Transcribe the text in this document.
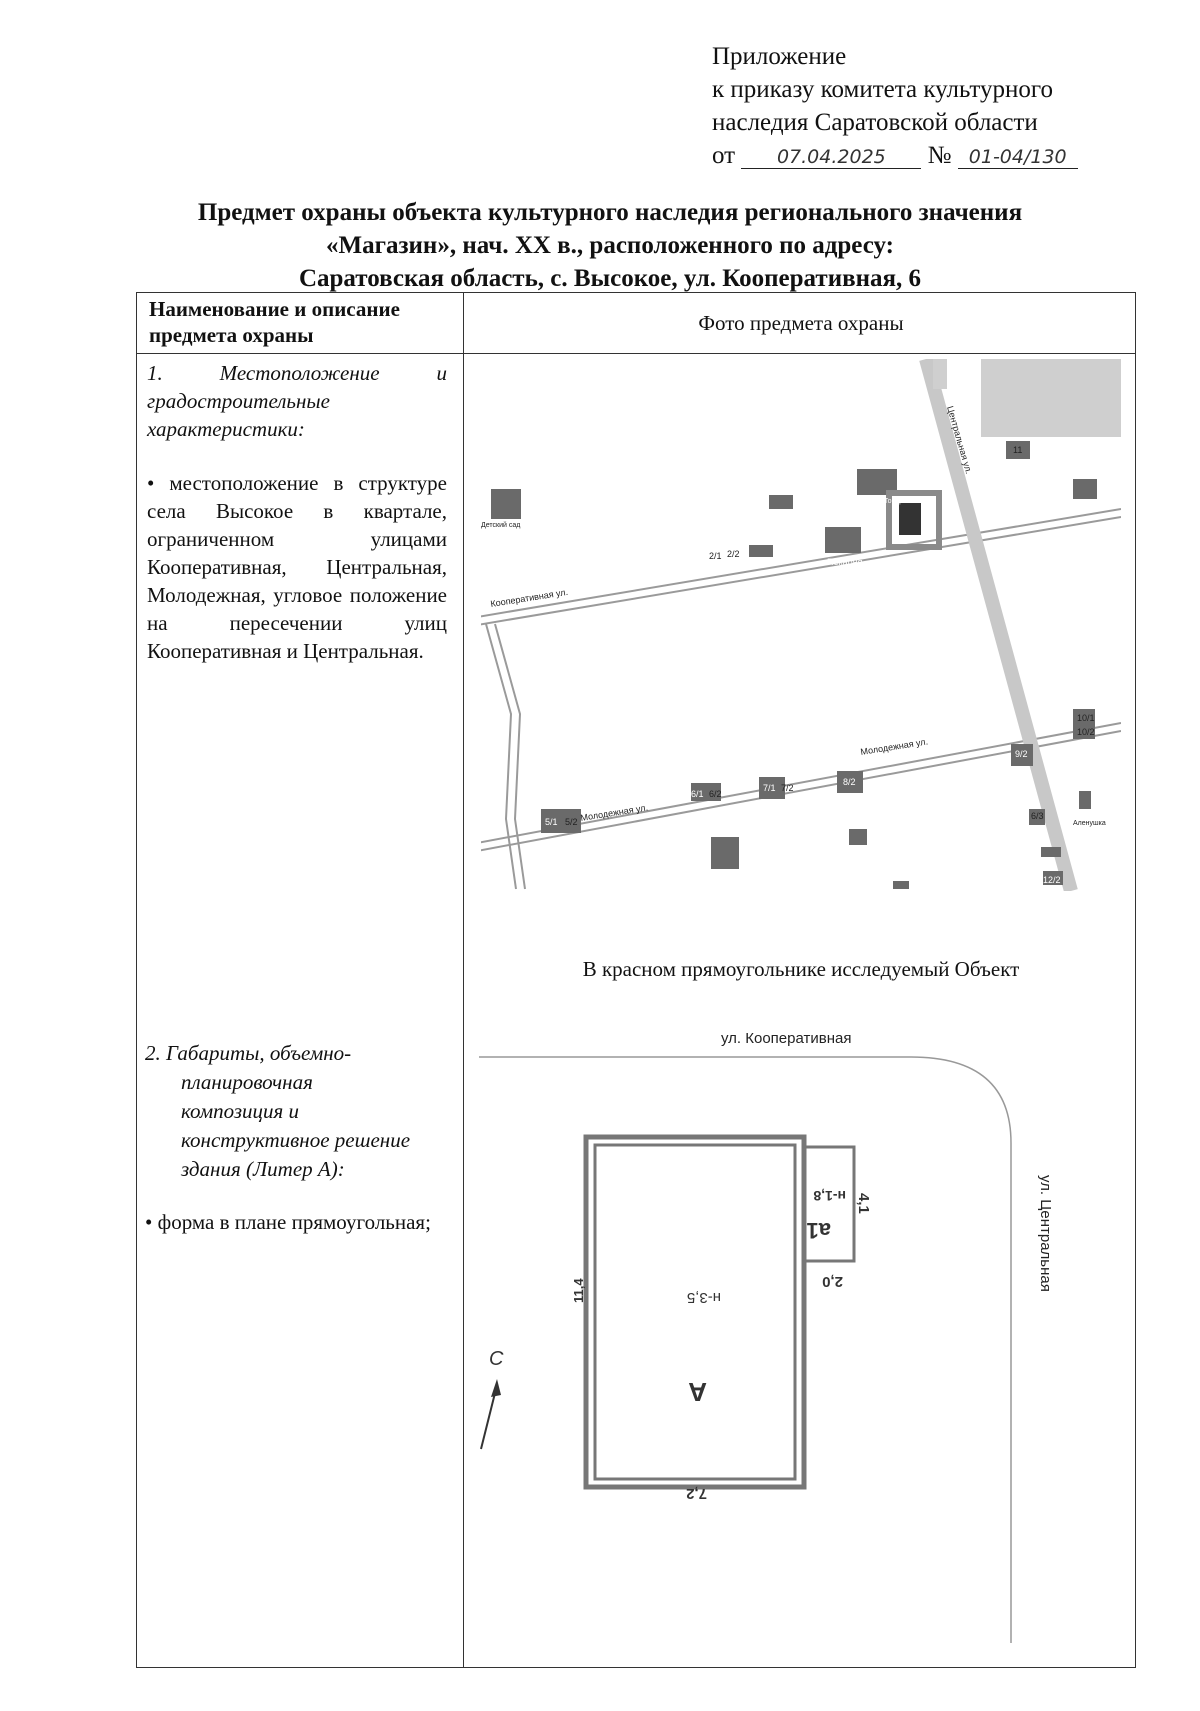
Приложение
к приказу комитета культурного
наследия Саратовской области
от 07.04.2025 № 01-04/130
Предмет охраны объекта культурного наследия регионального значения
«Магазин», нач. XX в., расположенного по адресу:
Саратовская область, с. Высокое, ул. Кооперативная, 6
Наименование и описание предмета охраны	Фото предмета охраны
1. Местоположение и
градостроительные
характеристики:
• местоположение в структуре села Высокое в квартале, ограниченном улицами Кооперативная, Центральная, Молодежная, угловое положение на пересечении улиц Кооперативная и Центральная.
Кооперативная ул.
Центральная ул.
Молодежная ул.
Молодежная ул.
2/1 2/2
11
Пекарня
7/1 7/2
6/1 6/2
5/1 5/2
8/2
9/2
10/1
10/2
6/3
12/2
Аленушка
Детский сад
Магазин Товары
В красном прямоугольнике исследуемый Объект
2. Габариты, объемно-
планировочная
композиция и
конструктивное решение
здания (Литер А):
• форма в плане прямоугольная;
ул. Кооперативная
ул. Центральная
а1
н-1,8 4,1
2,0
н-3,5
А
7,2
11,4
С
